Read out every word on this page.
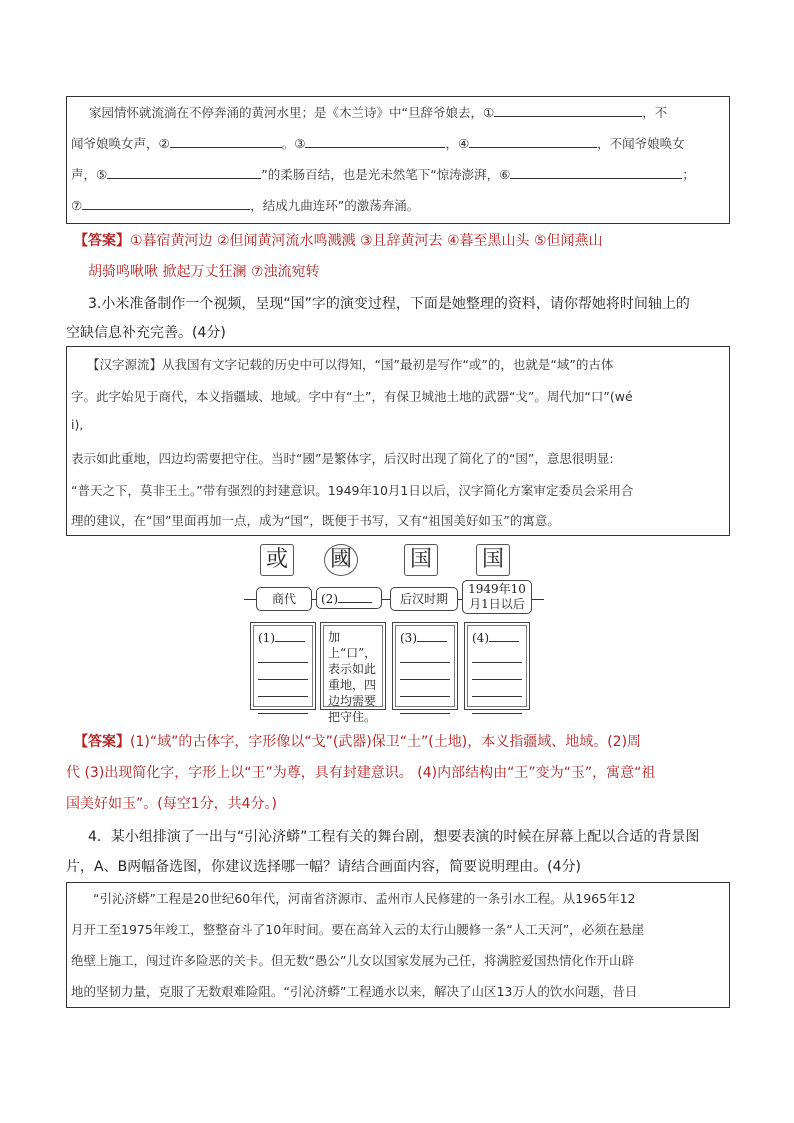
家园情怀就流淌在不停奔涌的黄河水里；是《木兰诗》中“旦辞爷娘去，①	，不
闻爷娘唤女声，②	。③	，④	，不闻爷娘唤女
声，⑤	”的柔肠百结，也是光未然笔下“惊涛澎湃，⑥	；
⑦	，结成九曲连环”的激荡奔涌。
【答案】①暮宿黄河边 ②但闻黄河流水鸣溅溅 ③且辞黄河去 ④暮至黑山头 ⑤但闻燕山
胡骑鸣啾啾 掀起万丈狂澜 ⑦浊流宛转
3.小米准备制作一个视频，呈现“国”字的演变过程，下面是她整理的资料，请你帮她将时间轴上的
空缺信息补充完善。(4分)
【汉字源流】从我国有文字记载的历史中可以得知，“国”最初是写作“或”的，也就是“域”的古体
字。此字始见于商代，本义指疆域、地域。字中有“土”，有保卫城池土地的武器“戈”。周代加“口”(wé
i),
表示如此重地，四边均需要把守住。当时“國”是繁体字，后汉时出现了简化了的“国”，意思很明显:
“普天之下，莫非王土。”带有强烈的封建意识。1949年10月1日以后，汉字简化方案审定委员会采用合
理的建议，在“国”里面再加一点，成为“国”，既便于书写，又有“祖国美好如玉”的寓意。
或 國	国 国
商代	(2)	后汉时期
1949年10
月1日以后
(1)	加上“口”，
表示如此
重地，四
边均需要
把守住。
(3)	(4)
【答案】(1)“域”的古体字，字形像以“戈”(武器)保卫“土”(土地)，本义指疆域、地域。(2)周
代 (3)出现简化字，字形上以“王”为尊，具有封建意识。 (4)内部结构由“王”变为“玉”，寓意“祖
国美好如玉”。(每空1分，共4分。)
4．某小组排演了一出与“引沁济蟒”工程有关的舞台剧，想要表演的时候在屏幕上配以合适的背景图
片，A、B两幅备选图，你建议选择哪一幅？请结合画面内容，简要说明理由。(4分)
“引沁济蟒”工程是20世纪60年代，河南省济源市、孟州市人民修建的一条引水工程。从1965年12
月开工至1975年竣工，整整奋斗了10年时间。要在高耸入云的太行山腰修一条“人工天河”，必须在悬崖
绝壁上施工，闯过许多险恶的关卡。但无数“愚公”儿女以国家发展为己任，将满腔爱国热情化作开山辟
地的坚韧力量，克服了无数艰难险阻。“引沁济蟒”工程通水以来，解决了山区13万人的饮水问题，昔日
